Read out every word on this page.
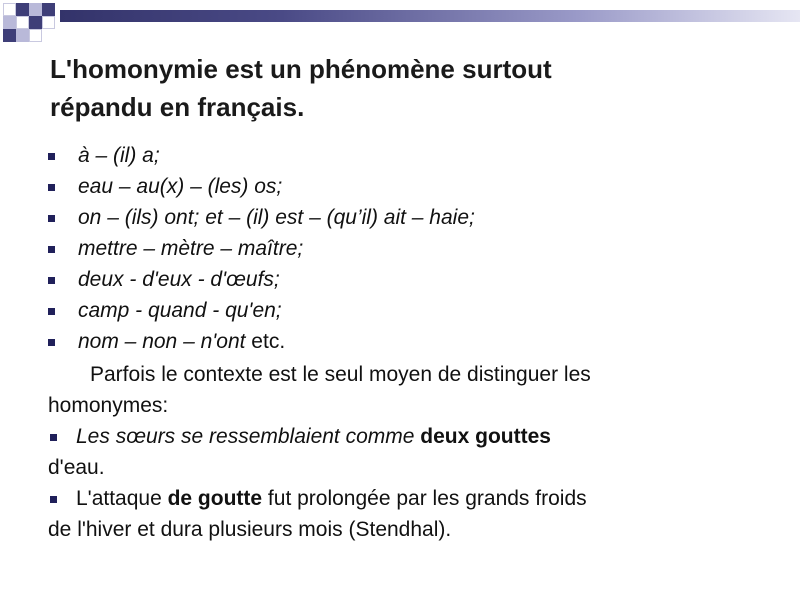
L'homonymie est un phénomène surtout
répandu en français.
à – (il) a;
eau – au(x) – (les) os;
on – (ils) ont; et – (il) est – (qu’il) ait – haie;
mettre – mètre – maître;
deux - d'eux - d'œufs;
camp - quand - qu'en;
nom – non – n'ont etc.
Parfois le contexte est le seul moyen de distinguer les
homonymes:
Les sœurs se ressemblaient comme deux gouttes
d'eau.
L'attaque de goutte fut prolongée par les grands froids
de l'hiver et dura plusieurs mois (Stendhal).
